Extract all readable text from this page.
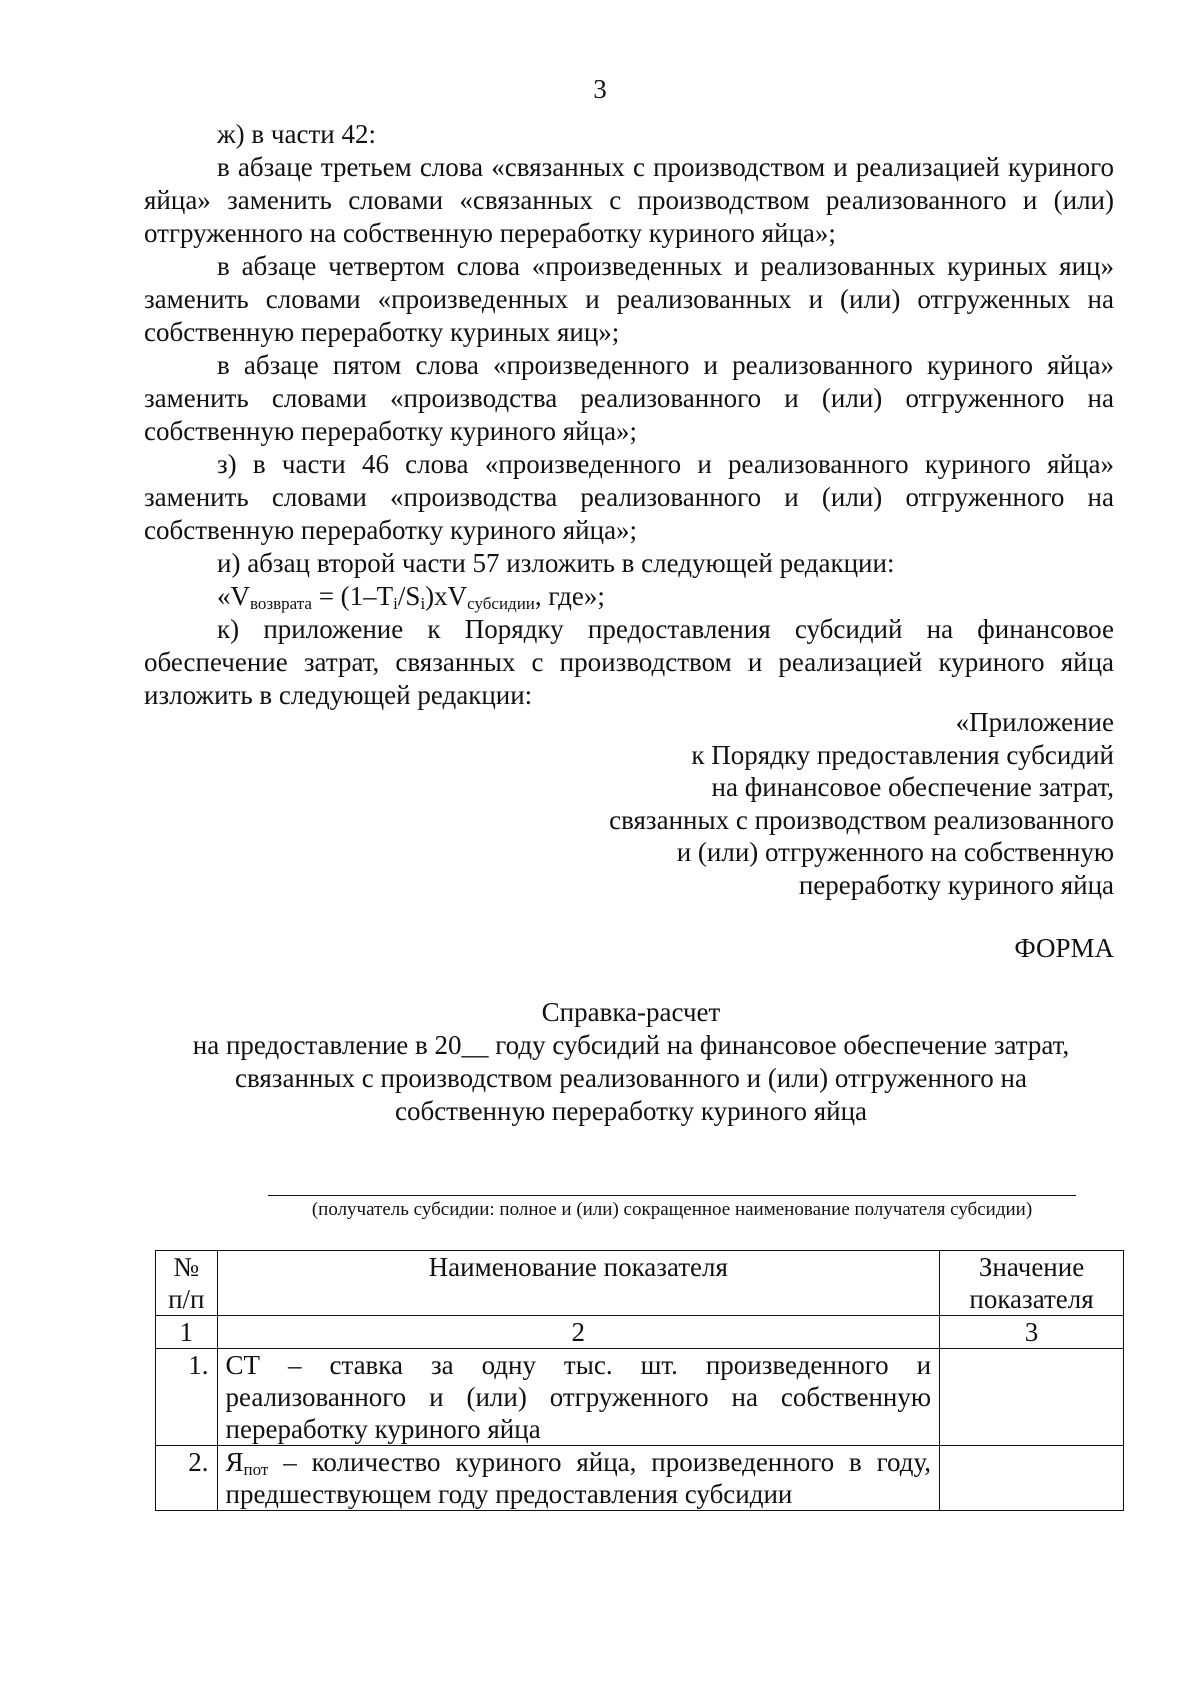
3

ж) в части 42:

в абзаце третьем слова «связанных с производством и реализацией куриного яйца» заменить словами «связанных с производством реализованного и (или) отгруженного на собственную переработку куриного яйца»;

в абзаце четвертом слова «произведенных и реализованных куриных яиц» заменить словами «произведенных и реализованных и (или) отгруженных на собственную переработку куриных яиц»;

в абзаце пятом слова «произведенного и реализованного куриного яйца» заменить словами «производства реализованного и (или) отгруженного на собственную переработку куриного яйца»;

з) в части 46 слова «произведенного и реализованного куриного яйца» заменить словами «производства реализованного и (или) отгруженного на собственную переработку куриного яйца»;

и) абзац второй части 57 изложить в следующей редакции:

«$V_{возврата} = (1-T_i/S_i)хV_{субсидии}$, где»;

к) приложение к Порядку предоставления субсидий на финансовое обеспечение затрат, связанных с производством и реализацией куриного яйца изложить в следующей редакции:

«Приложение
к Порядку предоставления субсидий
на финансовое обеспечение затрат,
связанных с производством реализованного
и (или) отгруженного на собственную
переработку куриного яйца
ФОРМА
Справка-расчет
на предоставление в 20__ году субсидий на финансовое обеспечение затрат,
связанных с производством реализованного и (или) отгруженного на
собственную переработку куриного яйца
(получатель субсидии: полное и (или) сокращенное наименование получателя субсидии)
№ п/п	Наименование показателя	Значение показателя
1	2	3
1.	СТ – ставка за одну тыс. шт. произведенного и реализованного и (или) отгруженного на собственную переработку куриного яйца	
2.	$Я_{пот}$ – количество куриного яйца, произведенного в году, предшествующем году предоставления субсидии	
